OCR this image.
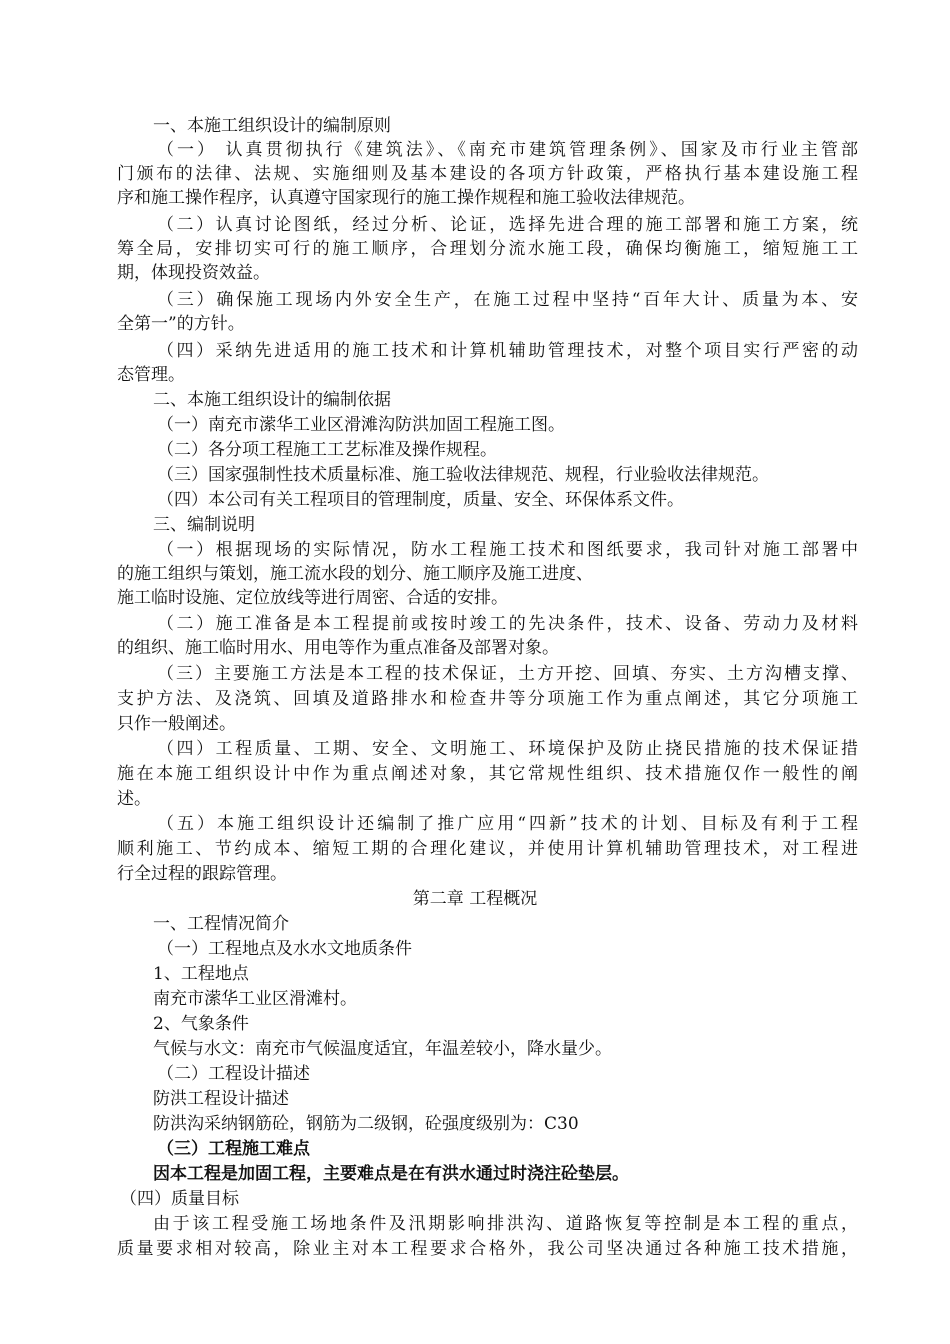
一、本施工组织设计的编制原则
（一） 认真贯彻执行《建筑法》、《南充市建筑管理条例》、国家及市行业主管部
门颁布的法律、法规、实施细则及基本建设的各项方针政策，严格执行基本建设施工程
序和施工操作程序，认真遵守国家现行的施工操作规程和施工验收法律规范。
（二）认真讨论图纸，经过分析、论证，选择先进合理的施工部署和施工方案，统
筹全局，安排切实可行的施工顺序，合理划分流水施工段，确保均衡施工，缩短施工工
期，体现投资效益。
（三）确保施工现场内外安全生产，在施工过程中坚持“百年大计、质量为本、安
全第一”的方针。
（四）采纳先进适用的施工技术和计算机辅助管理技术，对整个项目实行严密的动
态管理。
二、本施工组织设计的编制依据
（一）南充市潆华工业区滑滩沟防洪加固工程施工图。
（二）各分项工程施工工艺标准及操作规程。
（三）国家强制性技术质量标准、施工验收法律规范、规程，行业验收法律规范。
（四）本公司有关工程项目的管理制度，质量、安全、环保体系文件。
三、编制说明
（一）根据现场的实际情况，防水工程施工技术和图纸要求，我司针对施工部署中
的施工组织与策划，施工流水段的划分、施工顺序及施工进度、
施工临时设施、定位放线等进行周密、合适的安排。
（二）施工准备是本工程提前或按时竣工的先决条件，技术、设备、劳动力及材料
的组织、施工临时用水、用电等作为重点准备及部署对象。
（三）主要施工方法是本工程的技术保证，土方开挖、回填、夯实、土方沟槽支撑、
支护方法、及浇筑、回填及道路排水和检查井等分项施工作为重点阐述，其它分项施工
只作一般阐述。
（四）工程质量、工期、安全、文明施工、环境保护及防止挠民措施的技术保证措
施在本施工组织设计中作为重点阐述对象，其它常规性组织、技术措施仅作一般性的阐
述。
（五）本施工组织设计还编制了推广应用“四新”技术的计划、目标及有利于工程
顺利施工、节约成本、缩短工期的合理化建议，并使用计算机辅助管理技术，对工程进
行全过程的跟踪管理。
第二章 工程概况
一、工程情况简介
（一）工程地点及水水文地质条件
1、工程地点
南充市潆华工业区滑滩村。
2、气象条件
气候与水文：南充市气候温度适宜，年温差较小，降水量少。
（二）工程设计描述
防洪工程设计描述
防洪沟采纳钢筋砼，钢筋为二级钢，砼强度级别为：C30
（三）工程施工难点
因本工程是加固工程，主要难点是在有洪水通过时浇注砼垫层。
（四）质量目标
由于该工程受施工场地条件及汛期影响排洪沟、道路恢复等控制是本工程的重点，
质量要求相对较高，除业主对本工程要求合格外，我公司坚决通过各种施工技术措施，
